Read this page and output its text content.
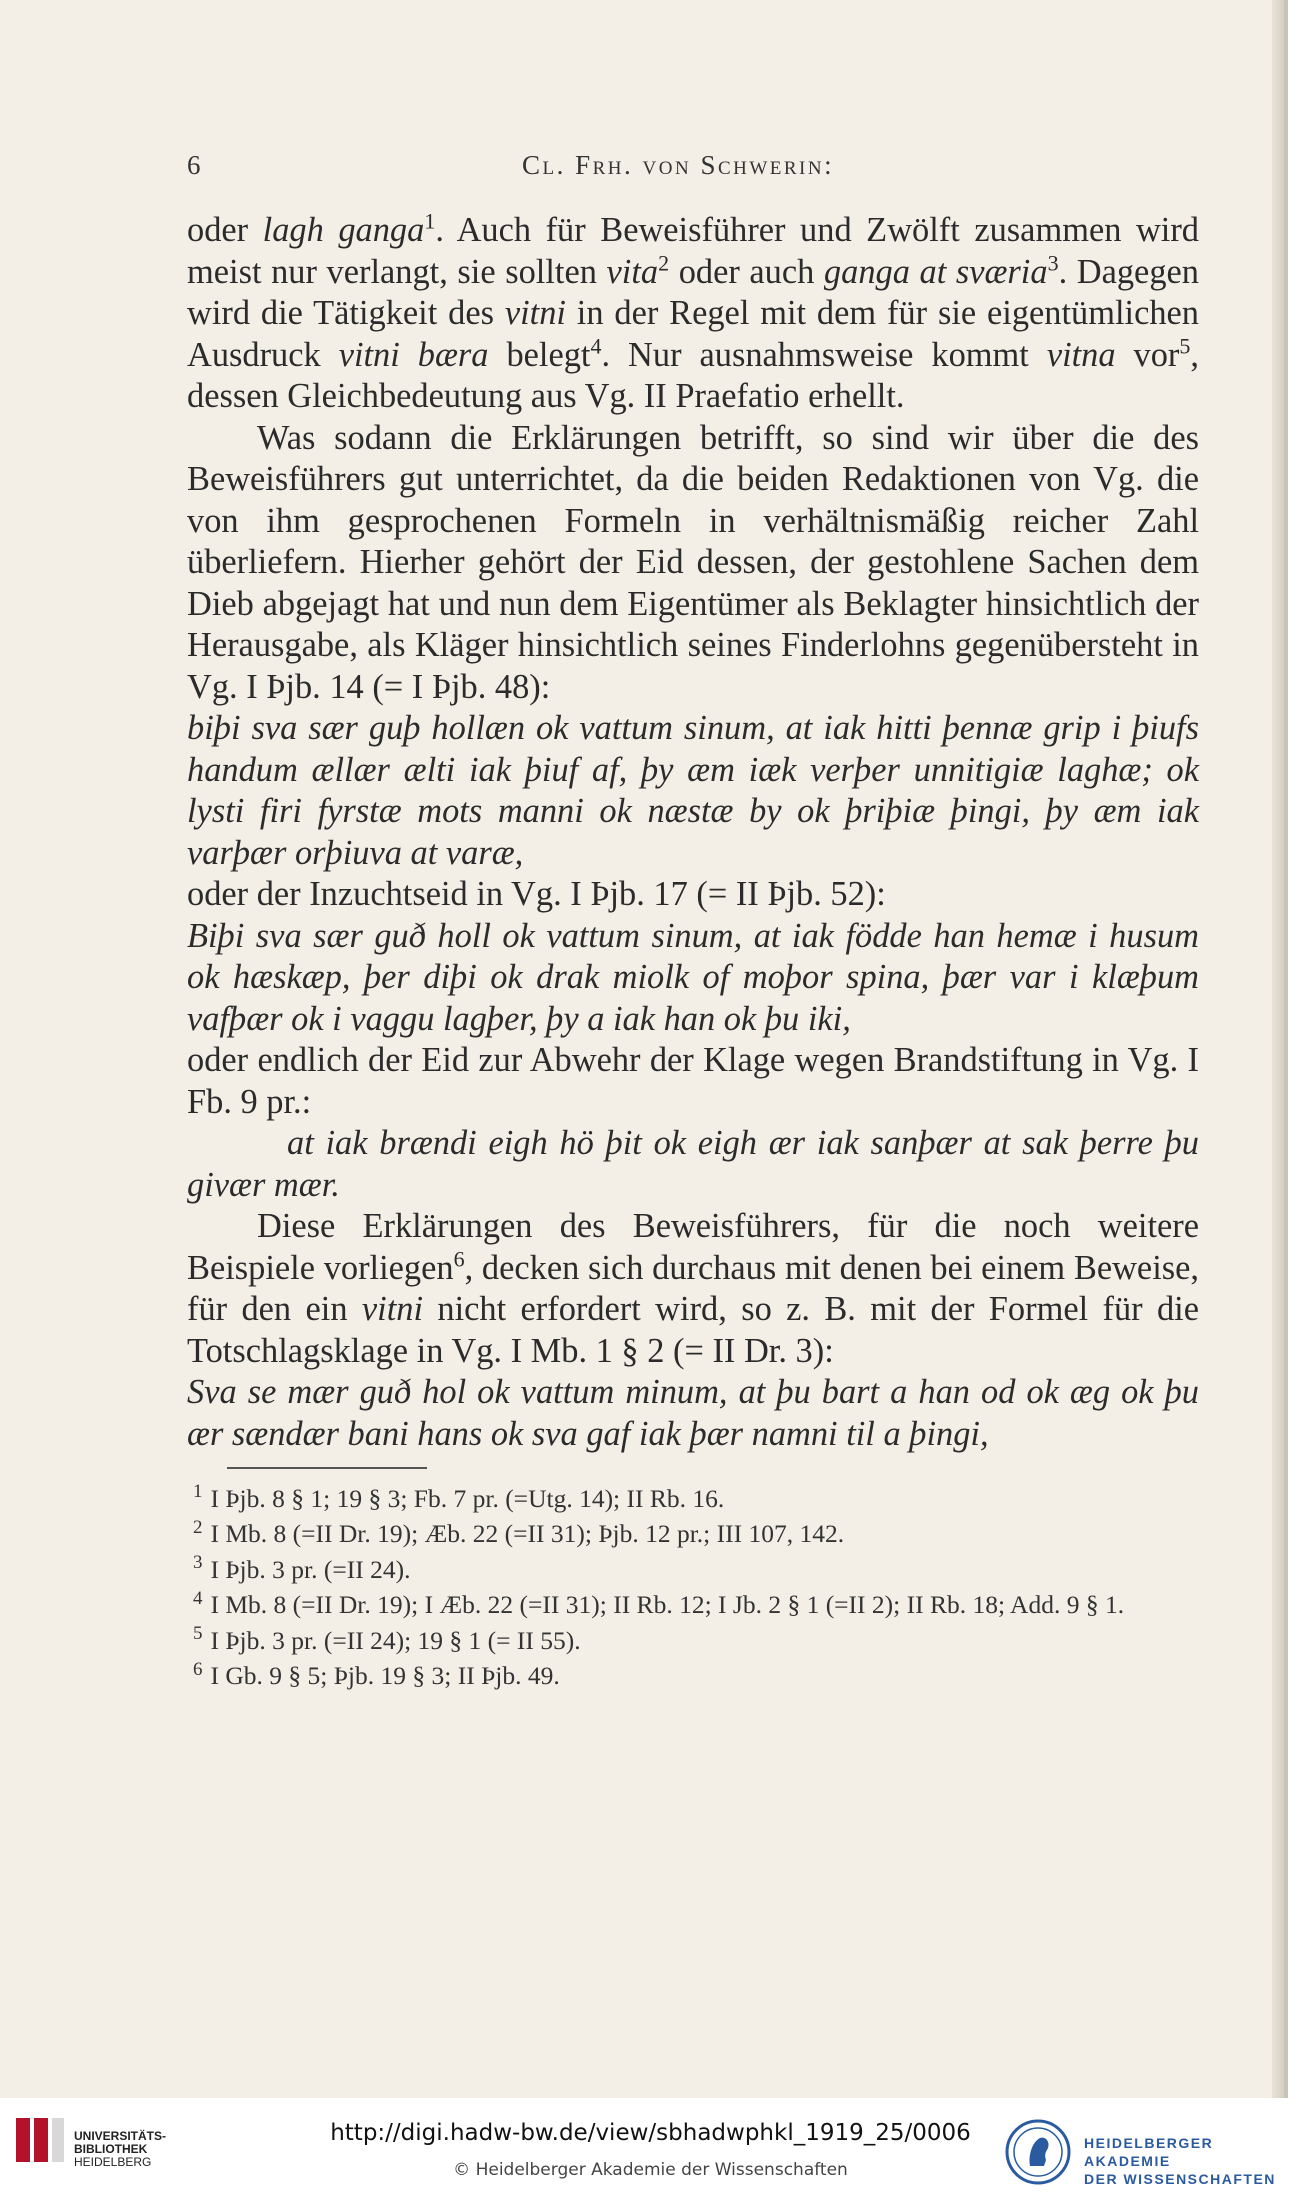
6	Cl. Frh. von Schwerin:

oder lagh ganga$^1$. Auch für Beweisführer und Zwölft zusammen wird meist nur verlangt, sie sollten vita$^2$ oder auch ganga at sværia$^3$. Dagegen wird die Tätigkeit des vitni in der Regel mit dem für sie eigentümlichen Ausdruck vitni bæra belegt$^4$. Nur ausnahmsweise kommt vitna vor$^5$, dessen Gleichbedeutung aus Vg. II Praefatio erhellt.

Was sodann die Erklärungen betrifft, so sind wir über die des Beweisführers gut unterrichtet, da die beiden Redaktionen von Vg. die von ihm gesprochenen Formeln in verhältnismäßig reicher Zahl überliefern. Hierher gehört der Eid dessen, der gestohlene Sachen dem Dieb abgejagt hat und nun dem Eigentümer als Beklagter hinsichtlich der Herausgabe, als Kläger hinsichtlich seines Finderlohns gegenübersteht in Vg. I Þjb. 14 (= I Þjb. 48):

biþi sva sær guþ hollæn ok vattum sinum, at iak hitti þennæ grip i þiufs handum ællær ælti iak þiuf af, þy æm iæk verþer unnitigiæ laghæ; ok lysti firi fyrstæ mots manni ok næstæ by ok þriþiæ þingi, þy æm iak varþær orþiuva at varæ,

oder der Inzuchtseid in Vg. I Þjb. 17 (= II Þjb. 52):

Biþi sva sær guð holl ok vattum sinum, at iak födde han hemæ i husum ok hæskæp, þer diþi ok drak miolk of moþor spina, þær var i klæþum vafþær ok i vaggu lagþer, þy a iak han ok þu iki,

oder endlich der Eid zur Abwehr der Klage wegen Brandstiftung in Vg. I Fb. 9 pr.:

at iak brændi eigh hö þit ok eigh ær iak sanþær at sak þerre þu givær mær.

Diese Erklärungen des Beweisführers, für die noch weitere Beispiele vorliegen$^6$, decken sich durchaus mit denen bei einem Beweise, für den ein vitni nicht erfordert wird, so z. B. mit der Formel für die Totschlagsklage in Vg. I Mb. 1 § 2 (= II Dr. 3):

Sva se mær guð hol ok vattum minum, at þu bart a han od ok æg ok þu ær sændær bani hans ok sva gaf iak þær namni til a þingi,

$^1$ I Þjb. 8 § 1; 19 § 3; Fb. 7 pr. (=Utg. 14); II Rb. 16.

$^2$ I Mb. 8 (=II Dr. 19); Æb. 22 (=II 31); Þjb. 12 pr.; III 107, 142.

$^3$ I Þjb. 3 pr. (=II 24).

$^4$ I Mb. 8 (=II Dr. 19); I Æb. 22 (=II 31); II Rb. 12; I Jb. 2 § 1 (=II 2); II Rb. 18; Add. 9 § 1.

$^5$ I Þjb. 3 pr. (=II 24); 19 § 1 (= II 55).

$^6$ I Gb. 9 § 5; Þjb. 19 § 3; II Þjb. 49.

UNIVERSITÄTS-
BIBLIOTHEK
HEIDELBERG
http://digi.hadw-bw.de/view/sbhadwphkl_1919_25/0006
© Heidelberger Akademie der Wissenschaften
HEIDELBERGER AKADEMIE
DER WISSENSCHAFTEN
